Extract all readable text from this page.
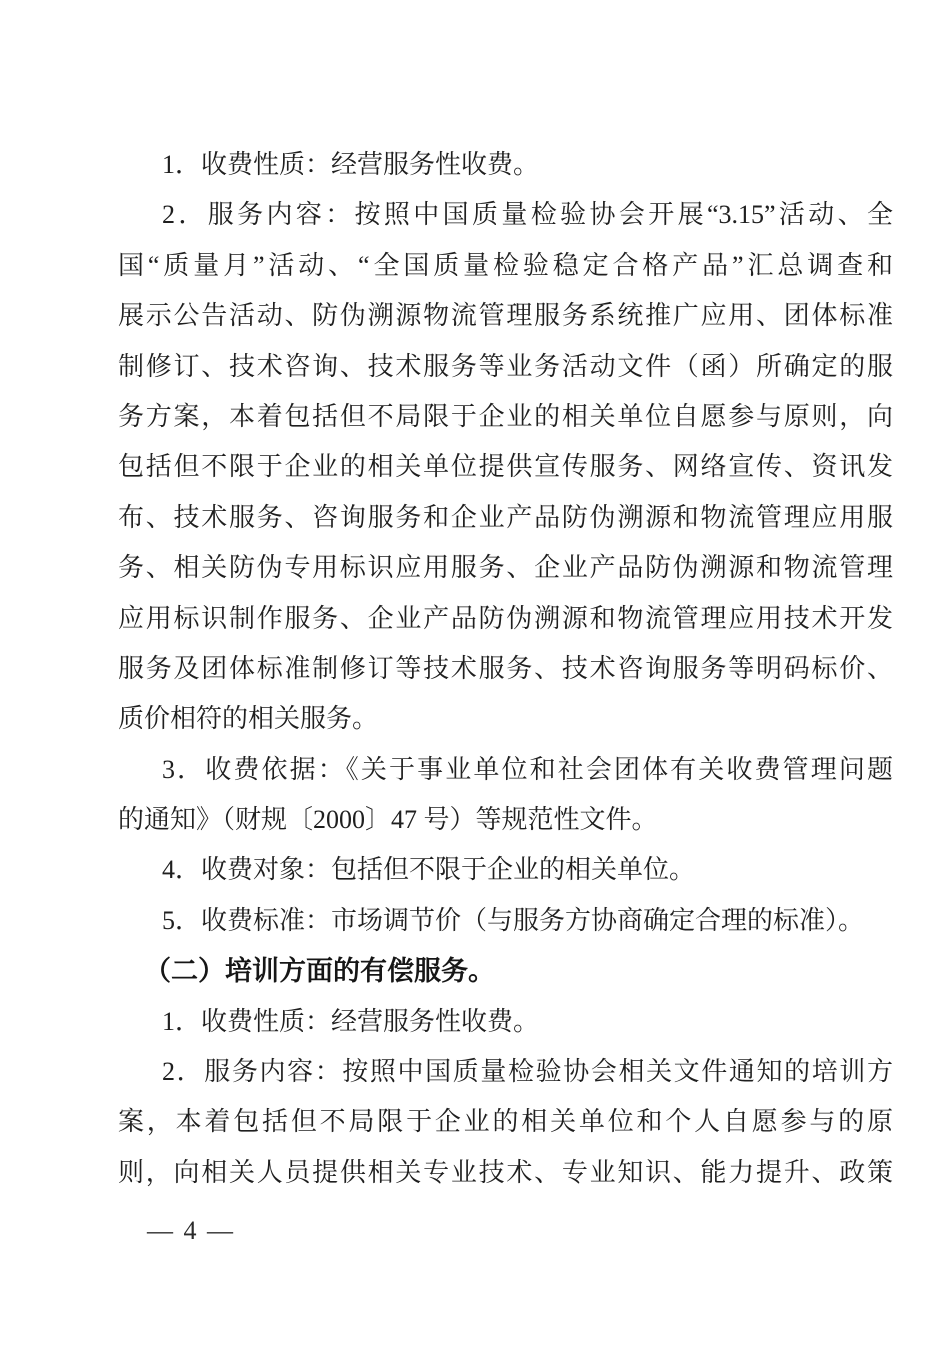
1．收费性质：经营服务性收费。
2．服务内容：按照中国质量检验协会开展“3.15”活动、全
国“质量月”活动、“全国质量检验稳定合格产品”汇总调查和
展示公告活动、防伪溯源物流管理服务系统推广应用、团体标准
制修订、技术咨询、技术服务等业务活动文件（函）所确定的服
务方案，本着包括但不局限于企业的相关单位自愿参与原则，向
包括但不限于企业的相关单位提供宣传服务、网络宣传、资讯发
布、技术服务、咨询服务和企业产品防伪溯源和物流管理应用服
务、相关防伪专用标识应用服务、企业产品防伪溯源和物流管理
应用标识制作服务、企业产品防伪溯源和物流管理应用技术开发
服务及团体标准制修订等技术服务、技术咨询服务等明码标价、
质价相符的相关服务。
3．收费依据：《关于事业单位和社会团体有关收费管理问题
的通知》（财规〔2000〕47 号）等规范性文件。
4．收费对象：包括但不限于企业的相关单位。
5．收费标准：市场调节价（与服务方协商确定合理的标准）。
（二）培训方面的有偿服务。
1．收费性质：经营服务性收费。
2．服务内容：按照中国质量检验协会相关文件通知的培训方
案，本着包括但不局限于企业的相关单位和个人自愿参与的原
则，向相关人员提供相关专业技术、专业知识、能力提升、政策
— 4 —
